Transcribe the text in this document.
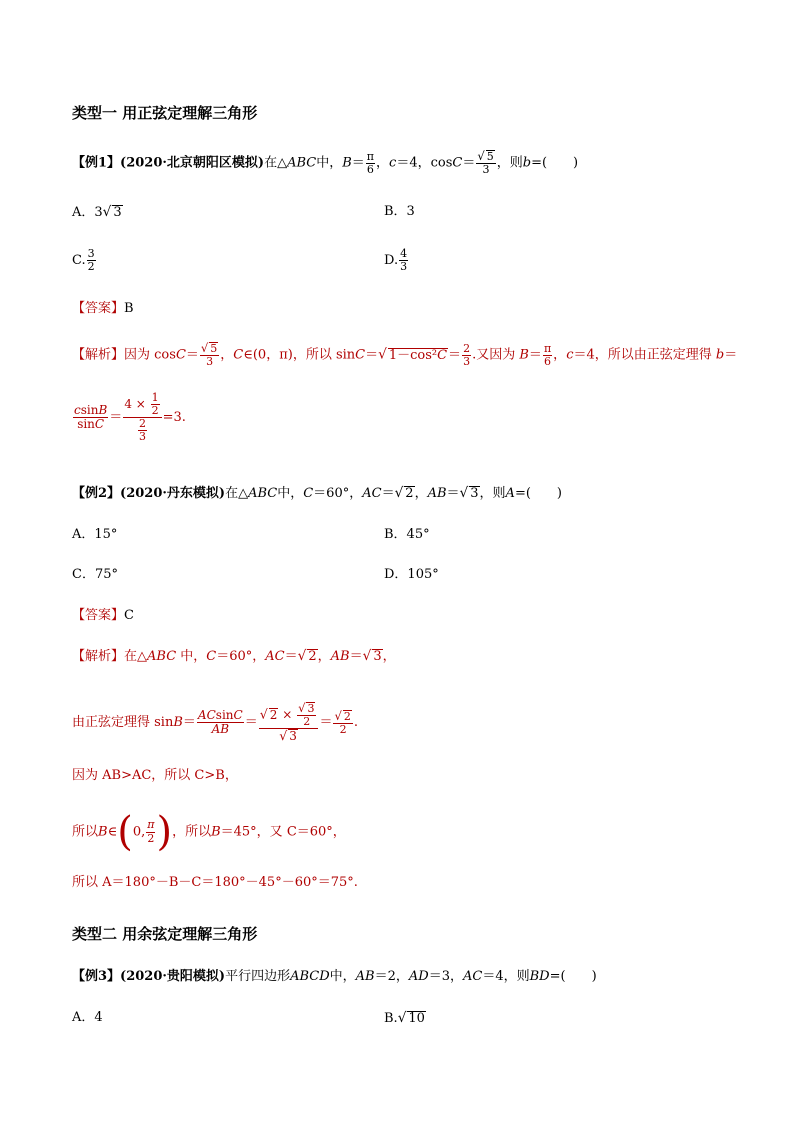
类型一 用正弦定理解三角形
【例1】(2020·北京朝阳区模拟)在△ABC中，$B= \frac{\pi}{6}$ ，c＝4，$\cos C= \frac{√ 5}{3}$ ，则b=(　　)
A．3√ 3	B．3
C. $\frac{3}{2}$	D. $\frac{4}{3}$
【答案】B
【解析】因为 $\cos C= \frac{√ 5}{3}$ ，C∈(0，π)，所以 sinC＝√ $1-\cos^2C= \frac{2}{3}$ .又因为 $B= \frac{\pi}{6}$ ，c＝4，所以由正弦定理得 b＝
$\frac{csinB}{\sin C} = \frac{4 \times \frac{1}{2}}{\frac{2}{3}} =3$.
【例2】(2020·丹东模拟)在△ABC中，C＝60°，AC＝√ 2，AB＝√ 3，则A=(　　)
A．15°	B．45°
C．75°	D．105°
【答案】C
【解析】在△ABC 中，C＝60°，AC＝√ 2，AB＝√ 3，
由正弦定理得 $\sin B= \frac{ACsinC}{AB} = \frac{√ 2 \times \frac{√ 3}{2}}{√ 3} = \frac{√ 2}{2}$ .
因为 AB>AC，所以 C>B，
所以B∈(0, $\frac{\pi}{2}$ )，所以B＝45°，又 C＝60°，
所以 A＝180°－B－C＝180°－45°－60°＝75°.
类型二 用余弦定理解三角形
【例3】(2020·贵阳模拟)平行四边形ABCD中，AB＝2，AD＝3，AC＝4，则BD=(　　)
A．4	B.√ 10
